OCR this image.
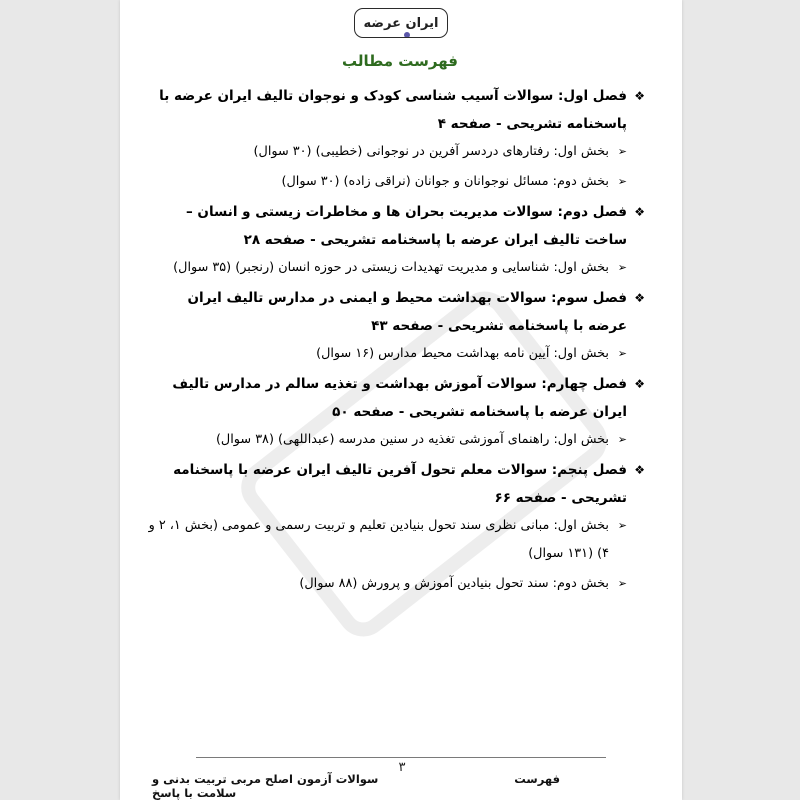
ایران عرضه
فهرست مطالب
❖
فصل اول: سوالات آسیب شناسی کودک و نوجوان تالیف ایران عرضه با پاسخنامه تشریحی - صفحه ۴
➢
بخش اول: رفتارهای دردسر آفرین در نوجوانی (خطیبی) (۳۰ سوال)
➢
بخش دوم: مسائل نوجوانان و جوانان (نراقی زاده) (۳۰ سوال)
❖
فصل دوم: سوالات مدیریت بحران ها و مخاطرات زیستی و انسان – ساخت تالیف ایران عرضه با پاسخنامه تشریحی - صفحه ۲۸
➢
بخش اول: شناسایی و مدیریت تهدیدات زیستی در حوزه انسان (رنجبر) (۳۵ سوال)
❖
فصل سوم: سوالات بهداشت محیط و ایمنی در مدارس تالیف ایران عرضه با پاسخنامه تشریحی - صفحه ۴۳
➢
بخش اول: آیین نامه بهداشت محیط مدارس (۱۶ سوال)
❖
فصل چهارم: سوالات آموزش بهداشت و تغذیه سالم در مدارس تالیف ایران عرضه با پاسخنامه تشریحی - صفحه ۵۰
➢
بخش اول: راهنمای آموزشی تغذیه در سنین مدرسه (عبداللهی) (۳۸ سوال)
❖
فصل پنجم: سوالات معلم تحول آفرین تالیف ایران عرضه با پاسخنامه تشریحی - صفحه ۶۶
➢
بخش اول: مبانی نظری سند تحول بنیادین تعلیم و تربیت رسمی و عمومی (بخش ۱، ۲ و ۴) (۱۳۱ سوال)
➢
بخش دوم: سند تحول بنیادین آموزش و پرورش (۸۸ سوال)
۳
سوالات آزمون اصلح مربی تربیت بدنی و سلامت با پاسخ
فهرست
